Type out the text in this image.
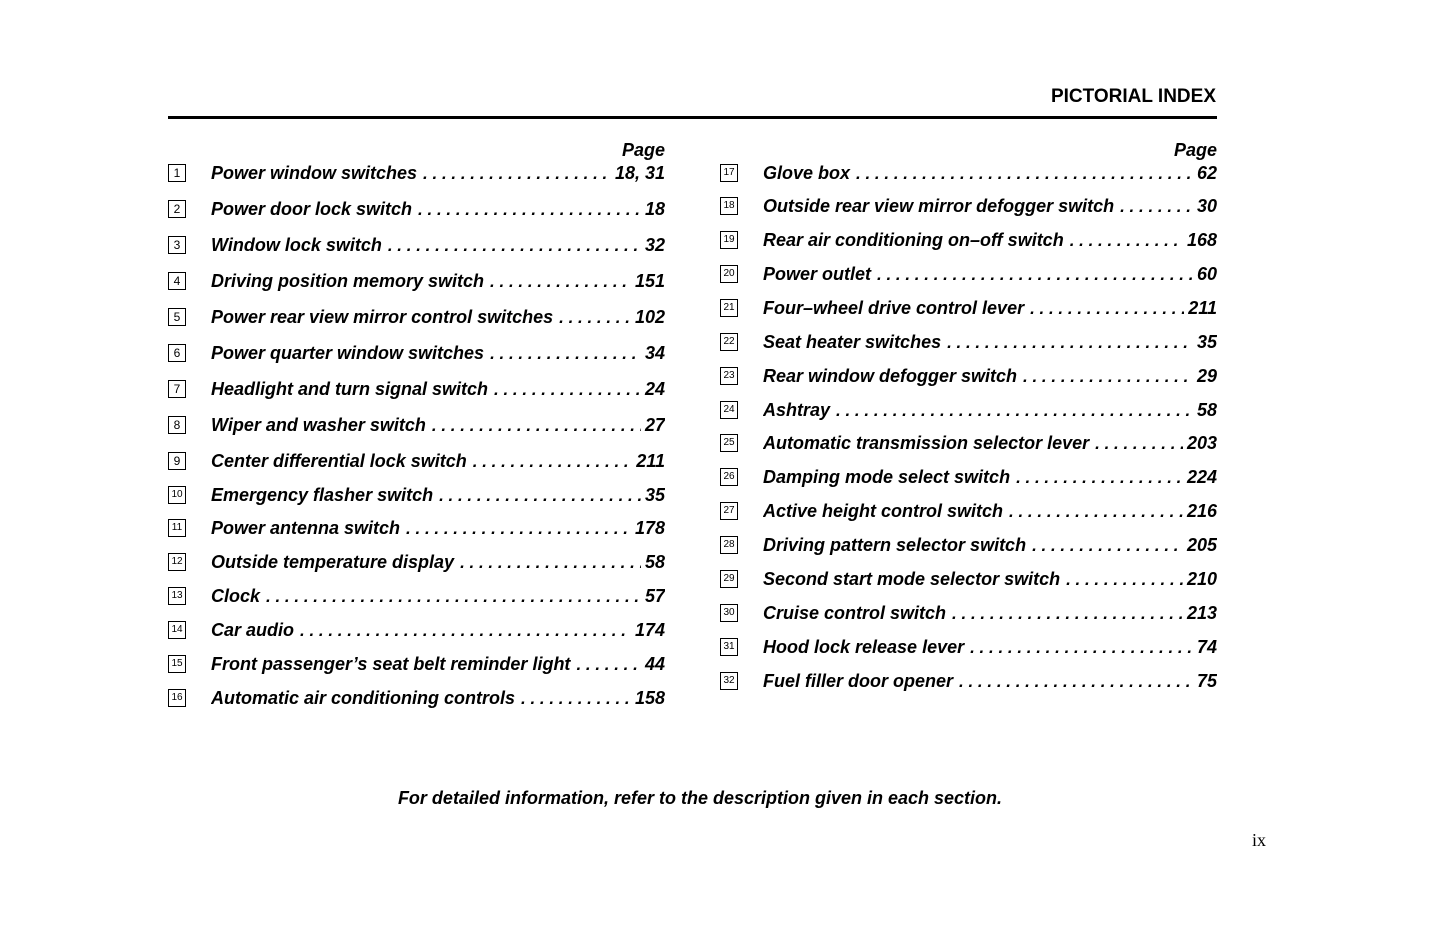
PICTORIAL INDEX
Page
1	Power window switches . . .	18, 31
2	Power door lock switch . . .	18
3	Window lock switch . . .	32
4	Driving position memory switch . . .	151
5	Power rear view mirror control switches . . .	102
6	Power quarter window switches . . .	34
7	Headlight and turn signal switch . . .	24
8	Wiper and washer switch . . .	27
9	Center differential lock switch . . .	211
10 Emergency flasher switch . . .	35
11 Power antenna switch . . .	178
12 Outside temperature display . . .	58
13 Clock . . .	57
14 Car audio . . .	174
15 Front passenger’s seat belt reminder light . . .	44
16 Automatic air conditioning controls . . .	158
Page
17 Glove box . . .	62
18 Outside rear view mirror defogger switch . . .	30
19 Rear air conditioning on–off switch . . .	168
20 Power outlet . . .	60
21 Four–wheel drive control lever . . .	211
22 Seat heater switches . . .	35
23 Rear window defogger switch . . .	29
24 Ashtray . . .	58
25 Automatic transmission selector lever . . .	203
26 Damping mode select switch . . .	224
27 Active height control switch . . .	216
28 Driving pattern selector switch . . .	205
29 Second start mode selector switch . . .	210
30 Cruise control switch . . .	213
31 Hood lock release lever . . .	74
32 Fuel filler door opener . . .	75
For detailed information, refer to the description given in each section.
ix
